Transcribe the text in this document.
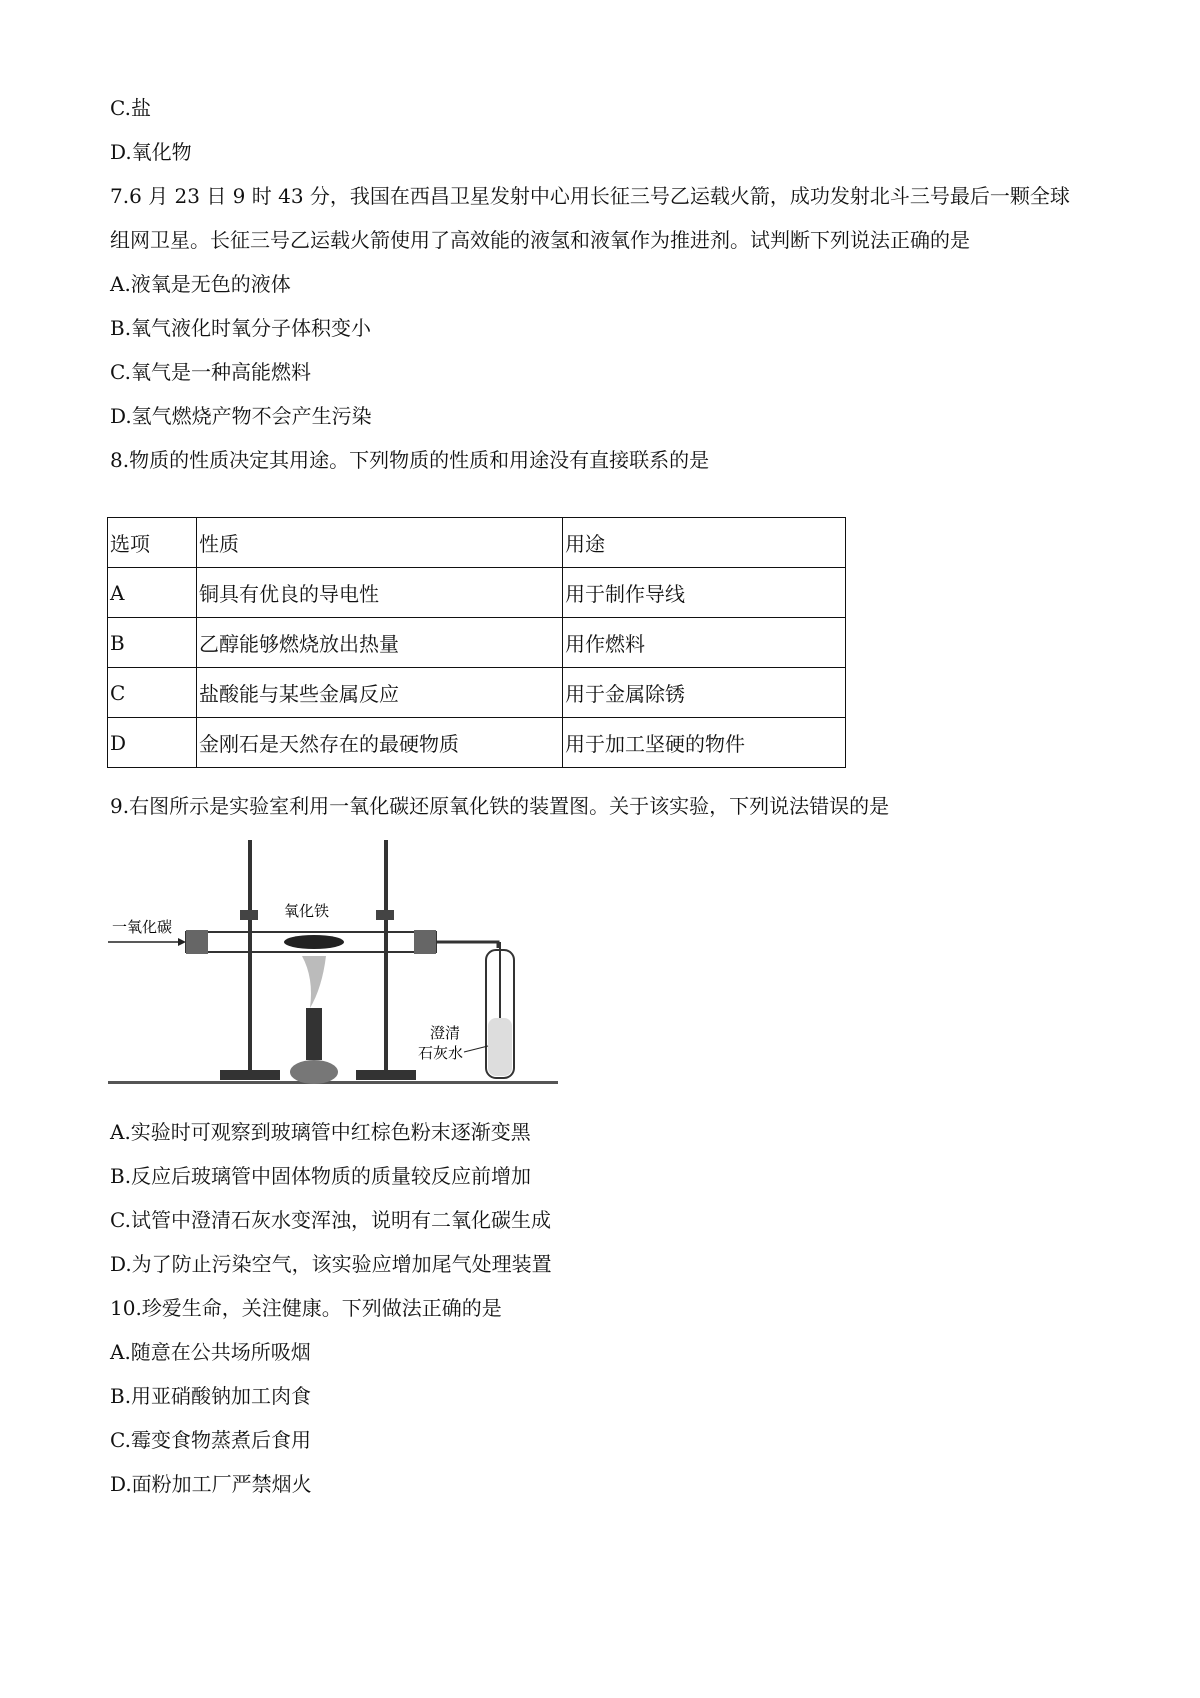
C.盐
D.氧化物
7.6 月 23 日 9 时 43 分，我国在西昌卫星发射中心用长征三号乙运载火箭，成功发射北斗三号最后一颗全球
组网卫星。长征三号乙运载火箭使用了高效能的液氢和液氧作为推进剂。试判断下列说法正确的是
A.液氧是无色的液体
B.氧气液化时氧分子体积变小
C.氧气是一种高能燃料
D.氢气燃烧产物不会产生污染
8.物质的性质决定其用途。下列物质的性质和用途没有直接联系的是
选项	性质	用途
A	铜具有优良的导电性	用于制作导线
B	乙醇能够燃烧放出热量	用作燃料
C	盐酸能与某些金属反应	用于金属除锈
D	金刚石是天然存在的最硬物质	用于加工坚硬的物件
9.右图所示是实验室利用一氧化碳还原氧化铁的装置图。关于该实验，下列说法错误的是
一氧化碳
氧化铁
澄清
石灰水
A.实验时可观察到玻璃管中红棕色粉末逐渐变黑
B.反应后玻璃管中固体物质的质量较反应前增加
C.试管中澄清石灰水变浑浊，说明有二氧化碳生成
D.为了防止污染空气，该实验应增加尾气处理装置
10.珍爱生命，关注健康。下列做法正确的是
A.随意在公共场所吸烟
B.用亚硝酸钠加工肉食
C.霉变食物蒸煮后食用
D.面粉加工厂严禁烟火
